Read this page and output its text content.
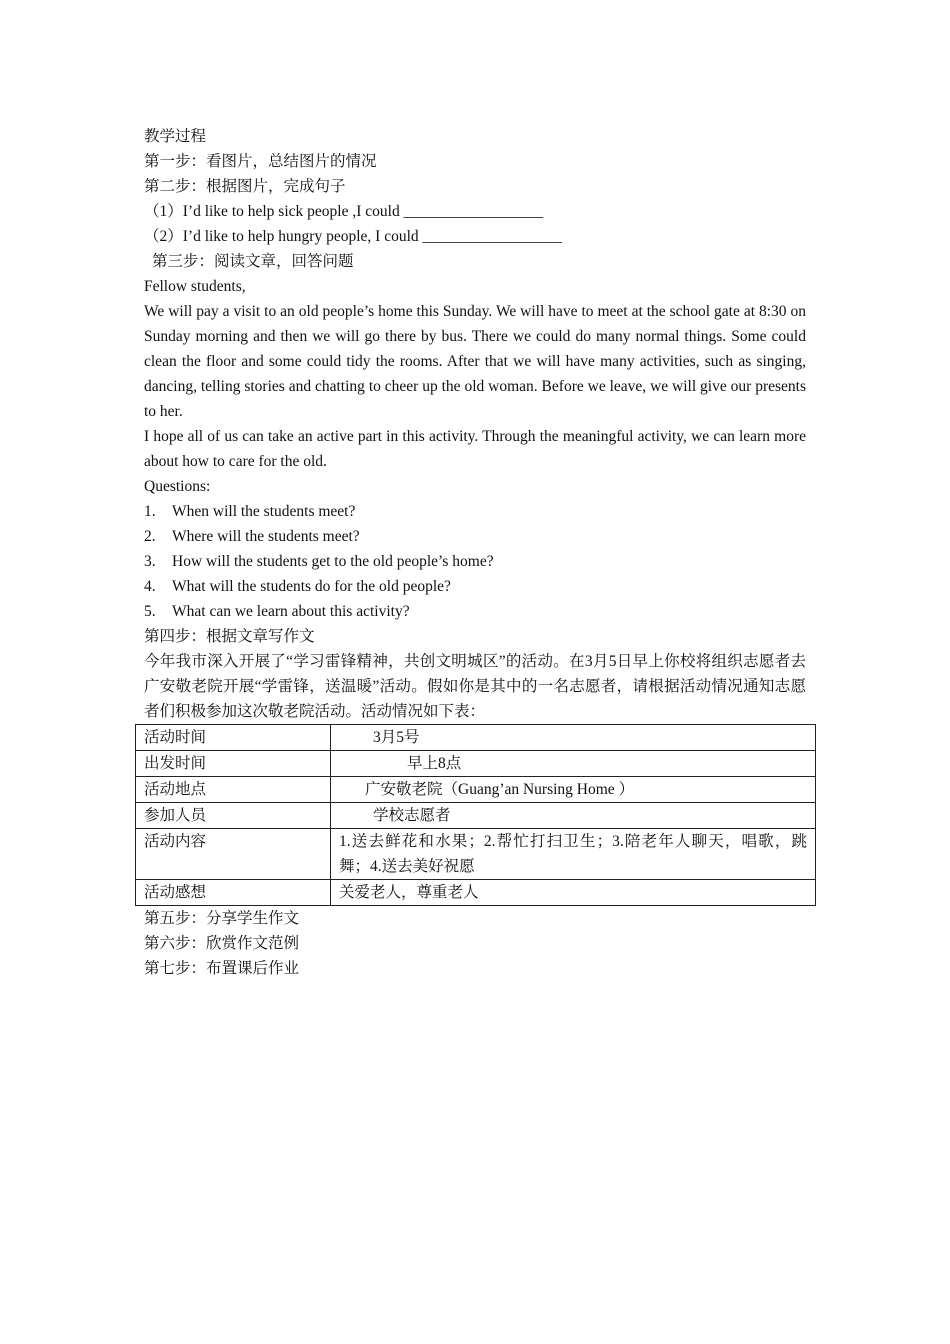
教学过程
第一步：看图片，总结图片的情况
第二步：根据图片，完成句子
（1）I’d like to help sick people ,I could __________________
（2）I’d like to help hungry people, I could __________________
第三步：阅读文章，回答问题
Fellow students,
We will pay a visit to an old people’s home this Sunday. We will have to meet at the school gate at 8:30 on Sunday morning and then we will go there by bus. There we could do many normal things. Some could clean the floor and some could tidy the rooms. After that we will have many activities, such as singing, dancing, telling stories and chatting to cheer up the old woman. Before we leave, we will give our presents to her.
I hope all of us can take an active part in this activity. Through the meaningful activity, we can learn more about how to care for the old.
Questions:
1.	When will the students meet?
2.	Where will the students meet?
3.	How will the students get to the old people’s home?
4.	What will the students do for the old people?
5.	What can we learn about this activity?
第四步：根据文章写作文
今年我市深入开展了“学习雷锋精神，共创文明城区”的活动。在3月5日早上你校将组织志愿者去广安敬老院开展“学雷锋，送温暖”活动。假如你是其中的一名志愿者，请根据活动情况通知志愿者们积极参加这次敬老院活动。活动情况如下表：
活动时间	3月5号
出发时间	早上8点
活动地点	广安敬老院（Guang’an Nursing Home ）
参加人员	学校志愿者
活动内容	1.送去鲜花和水果；2.帮忙打扫卫生；3.陪老年人聊天，唱歌，跳舞；4.送去美好祝愿
活动感想	关爱老人，尊重老人
第五步：分享学生作文
第六步：欣赏作文范例
第七步：布置课后作业
